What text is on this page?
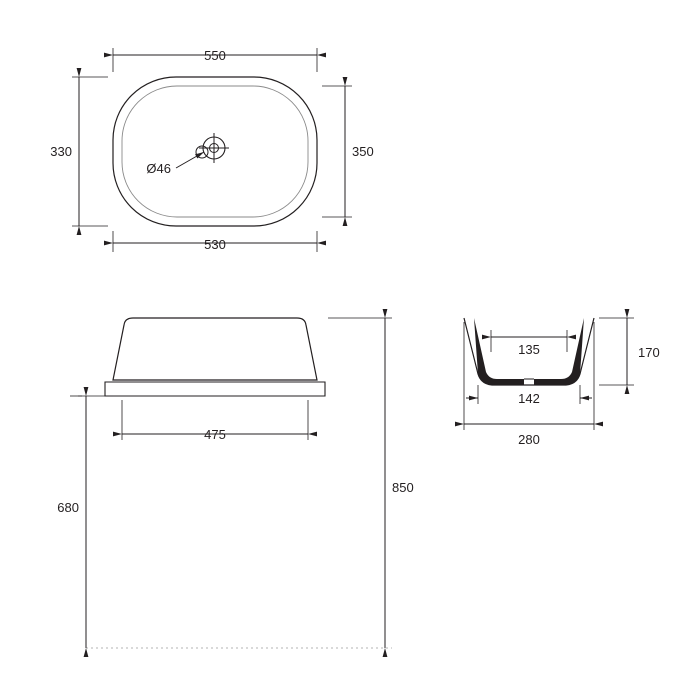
550
530
330	350
Ø46
475
850
680
135	170
142
280
